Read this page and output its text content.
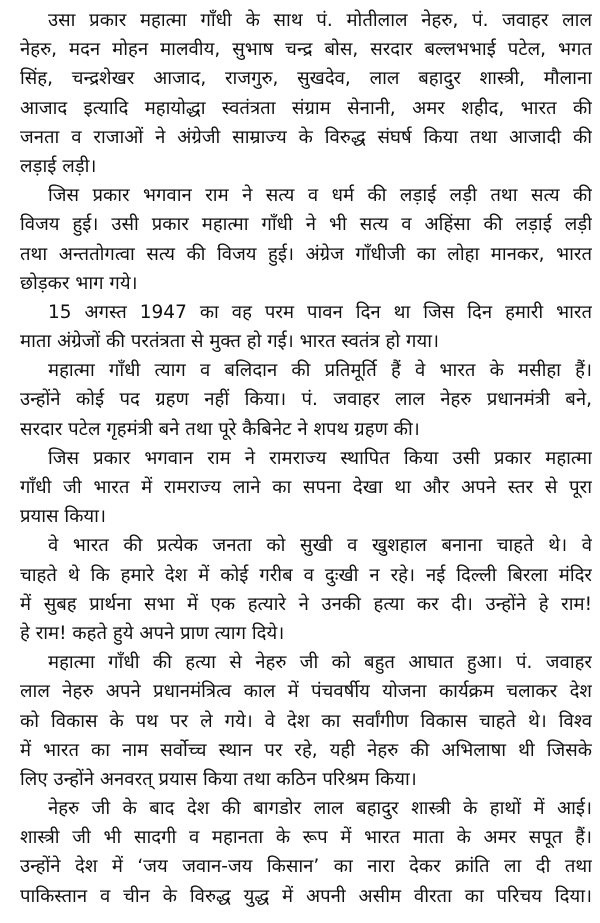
उसा प्रकार महात्मा गाँधी के साथ पं. मोतीलाल नेहरु, पं. जवाहर लाल
नेहरु, मदन मोहन मालवीय, सुभाष चन्द्र बोस, सरदार बल्लभभाई पटेल, भगत
सिंह, चन्द्रशेखर आजाद, राजगुरु, सुखदेव, लाल बहादुर शास्त्री, मौलाना
आजाद इत्यादि महायोद्धा स्वतंत्रता संग्राम सेनानी, अमर शहीद, भारत की
जनता व राजाओं ने अंग्रेजी साम्राज्य के विरुद्ध संघर्ष किया तथा आजादी की
लड़ाई लड़ी।
जिस प्रकार भगवान राम ने सत्य व धर्म की लड़ाई लड़ी तथा सत्य की
विजय हुई। उसी प्रकार महात्मा गाँधी ने भी सत्य व अहिंसा की लड़ाई लड़ी
तथा अन्ततोगत्वा सत्य की विजय हुई। अंग्रेज गाँधीजी का लोहा मानकर, भारत
छोड़कर भाग गये।
15 अगस्त 1947 का वह परम पावन दिन था जिस दिन हमारी भारत
माता अंग्रेजों की परतंत्रता से मुक्त हो गई। भारत स्वतंत्र हो गया।
महात्मा गाँधी त्याग व बलिदान की प्रतिमूर्ति हैं वे भारत के मसीहा हैं।
उन्होंने कोई पद ग्रहण नहीं किया। पं. जवाहर लाल नेहरु प्रधानमंत्री बने,
सरदार पटेल गृहमंत्री बने तथा पूरे कैबिनेट ने शपथ ग्रहण की।
जिस प्रकार भगवान राम ने रामराज्य स्थापित किया उसी प्रकार महात्मा
गाँधी जी भारत में रामराज्य लाने का सपना देखा था और अपने स्तर से पूरा
प्रयास किया।
वे भारत की प्रत्येक जनता को सुखी व खुशहाल बनाना चाहते थे। वे
चाहते थे कि हमारे देश में कोई गरीब व दुःखी न रहे। नई दिल्ली बिरला मंदिर
में सुबह प्रार्थना सभा में एक हत्यारे ने उनकी हत्या कर दी। उन्होंने हे राम!
हे राम! कहते हुये अपने प्राण त्याग दिये।
महात्मा गाँधी की हत्या से नेहरु जी को बहुत आघात हुआ। पं. जवाहर
लाल नेहरु अपने प्रधानमंत्रित्व काल में पंचवर्षीय योजना कार्यक्रम चलाकर देश
को विकास के पथ पर ले गये। वे देश का सर्वांगीण विकास चाहते थे। विश्व
में भारत का नाम सर्वोच्च स्थान पर रहे, यही नेहरु की अभिलाषा थी जिसके
लिए उन्होंने अनवरत् प्रयास किया तथा कठिन परिश्रम किया।
नेहरु जी के बाद देश की बागडोर लाल बहादुर शास्त्री के हाथों में आई।
शास्त्री जी भी सादगी व महानता के रूप में भारत माता के अमर सपूत हैं।
उन्होंने देश में ‘जय जवान-जय किसान’ का नारा देकर क्रांति ला दी तथा
पाकिस्तान व चीन के विरुद्ध युद्ध में अपनी असीम वीरता का परिचय दिया।
